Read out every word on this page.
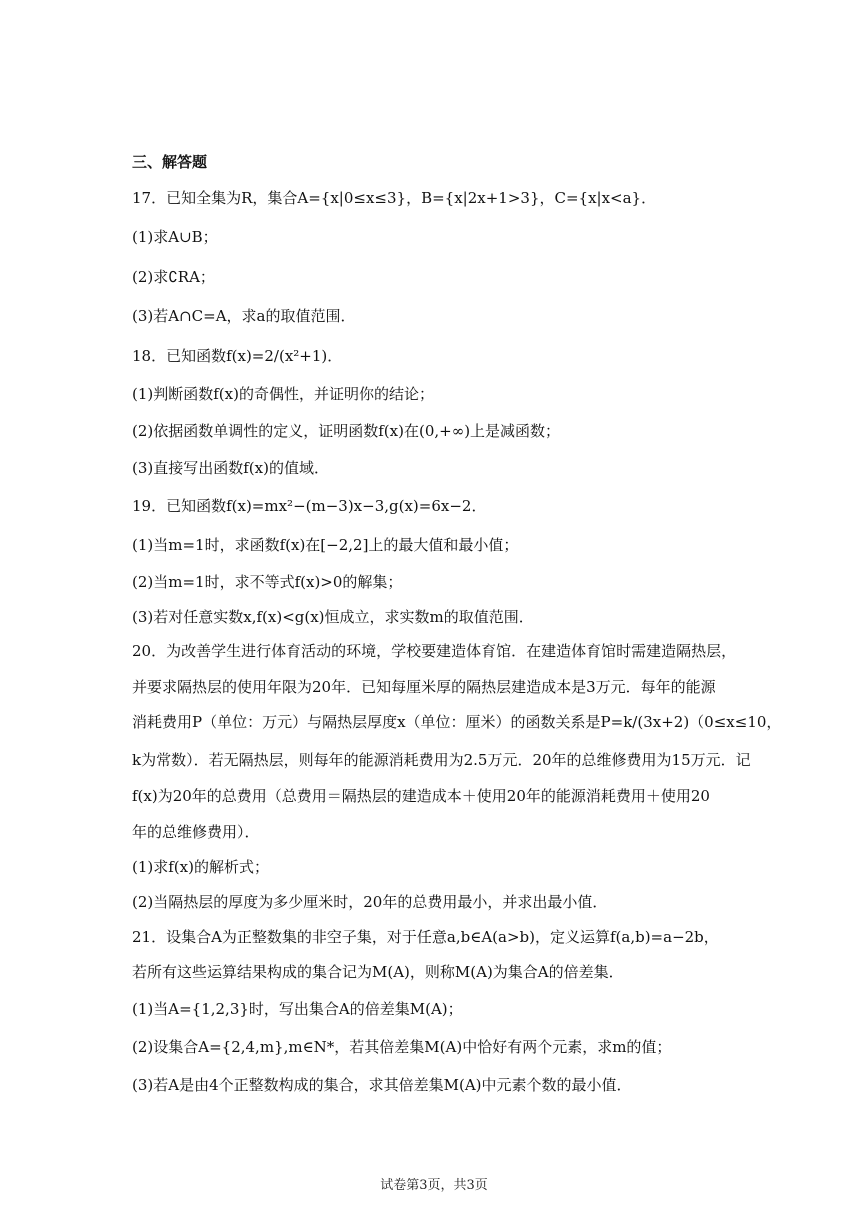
三、解答题
17．已知全集为R，集合A={x|0≤x≤3}，B={x|2x+1>3}，C={x|x<a}．
(1)求A∪B；
(2)求∁RA；
(3)若A∩C=A，求a的取值范围．
18．已知函数f(x)=2/(x²+1)．
(1)判断函数f(x)的奇偶性，并证明你的结论；
(2)依据函数单调性的定义，证明函数f(x)在(0,+∞)上是减函数；
(3)直接写出函数f(x)的值域．
19．已知函数f(x)=mx²−(m−3)x−3,g(x)=6x−2．
(1)当m=1时，求函数f(x)在[−2,2]上的最大值和最小值；
(2)当m=1时，求不等式f(x)>0的解集；
(3)若对任意实数x,f(x)<g(x)恒成立，求实数m的取值范围．
20．为改善学生进行体育活动的环境，学校要建造体育馆．在建造体育馆时需建造隔热层，
并要求隔热层的使用年限为20年．已知每厘米厚的隔热层建造成本是3万元．每年的能源
消耗费用P（单位：万元）与隔热层厚度x（单位：厘米）的函数关系是P=k/(3x+2)（0≤x≤10，
k为常数）．若无隔热层，则每年的能源消耗费用为2.5万元．20年的总维修费用为15万元．记
f(x)为20年的总费用（总费用＝隔热层的建造成本＋使用20年的能源消耗费用＋使用20
年的总维修费用）．
(1)求f(x)的解析式；
(2)当隔热层的厚度为多少厘米时，20年的总费用最小，并求出最小值．
21．设集合A为正整数集的非空子集，对于任意a,b∈A(a>b)，定义运算f(a,b)=a−2b，
若所有这些运算结果构成的集合记为M(A)，则称M(A)为集合A的倍差集．
(1)当A={1,2,3}时，写出集合A的倍差集M(A)；
(2)设集合A={2,4,m},m∈N*，若其倍差集M(A)中恰好有两个元素，求m的值；
(3)若A是由4个正整数构成的集合，求其倍差集M(A)中元素个数的最小值．
试卷第3页，共3页
